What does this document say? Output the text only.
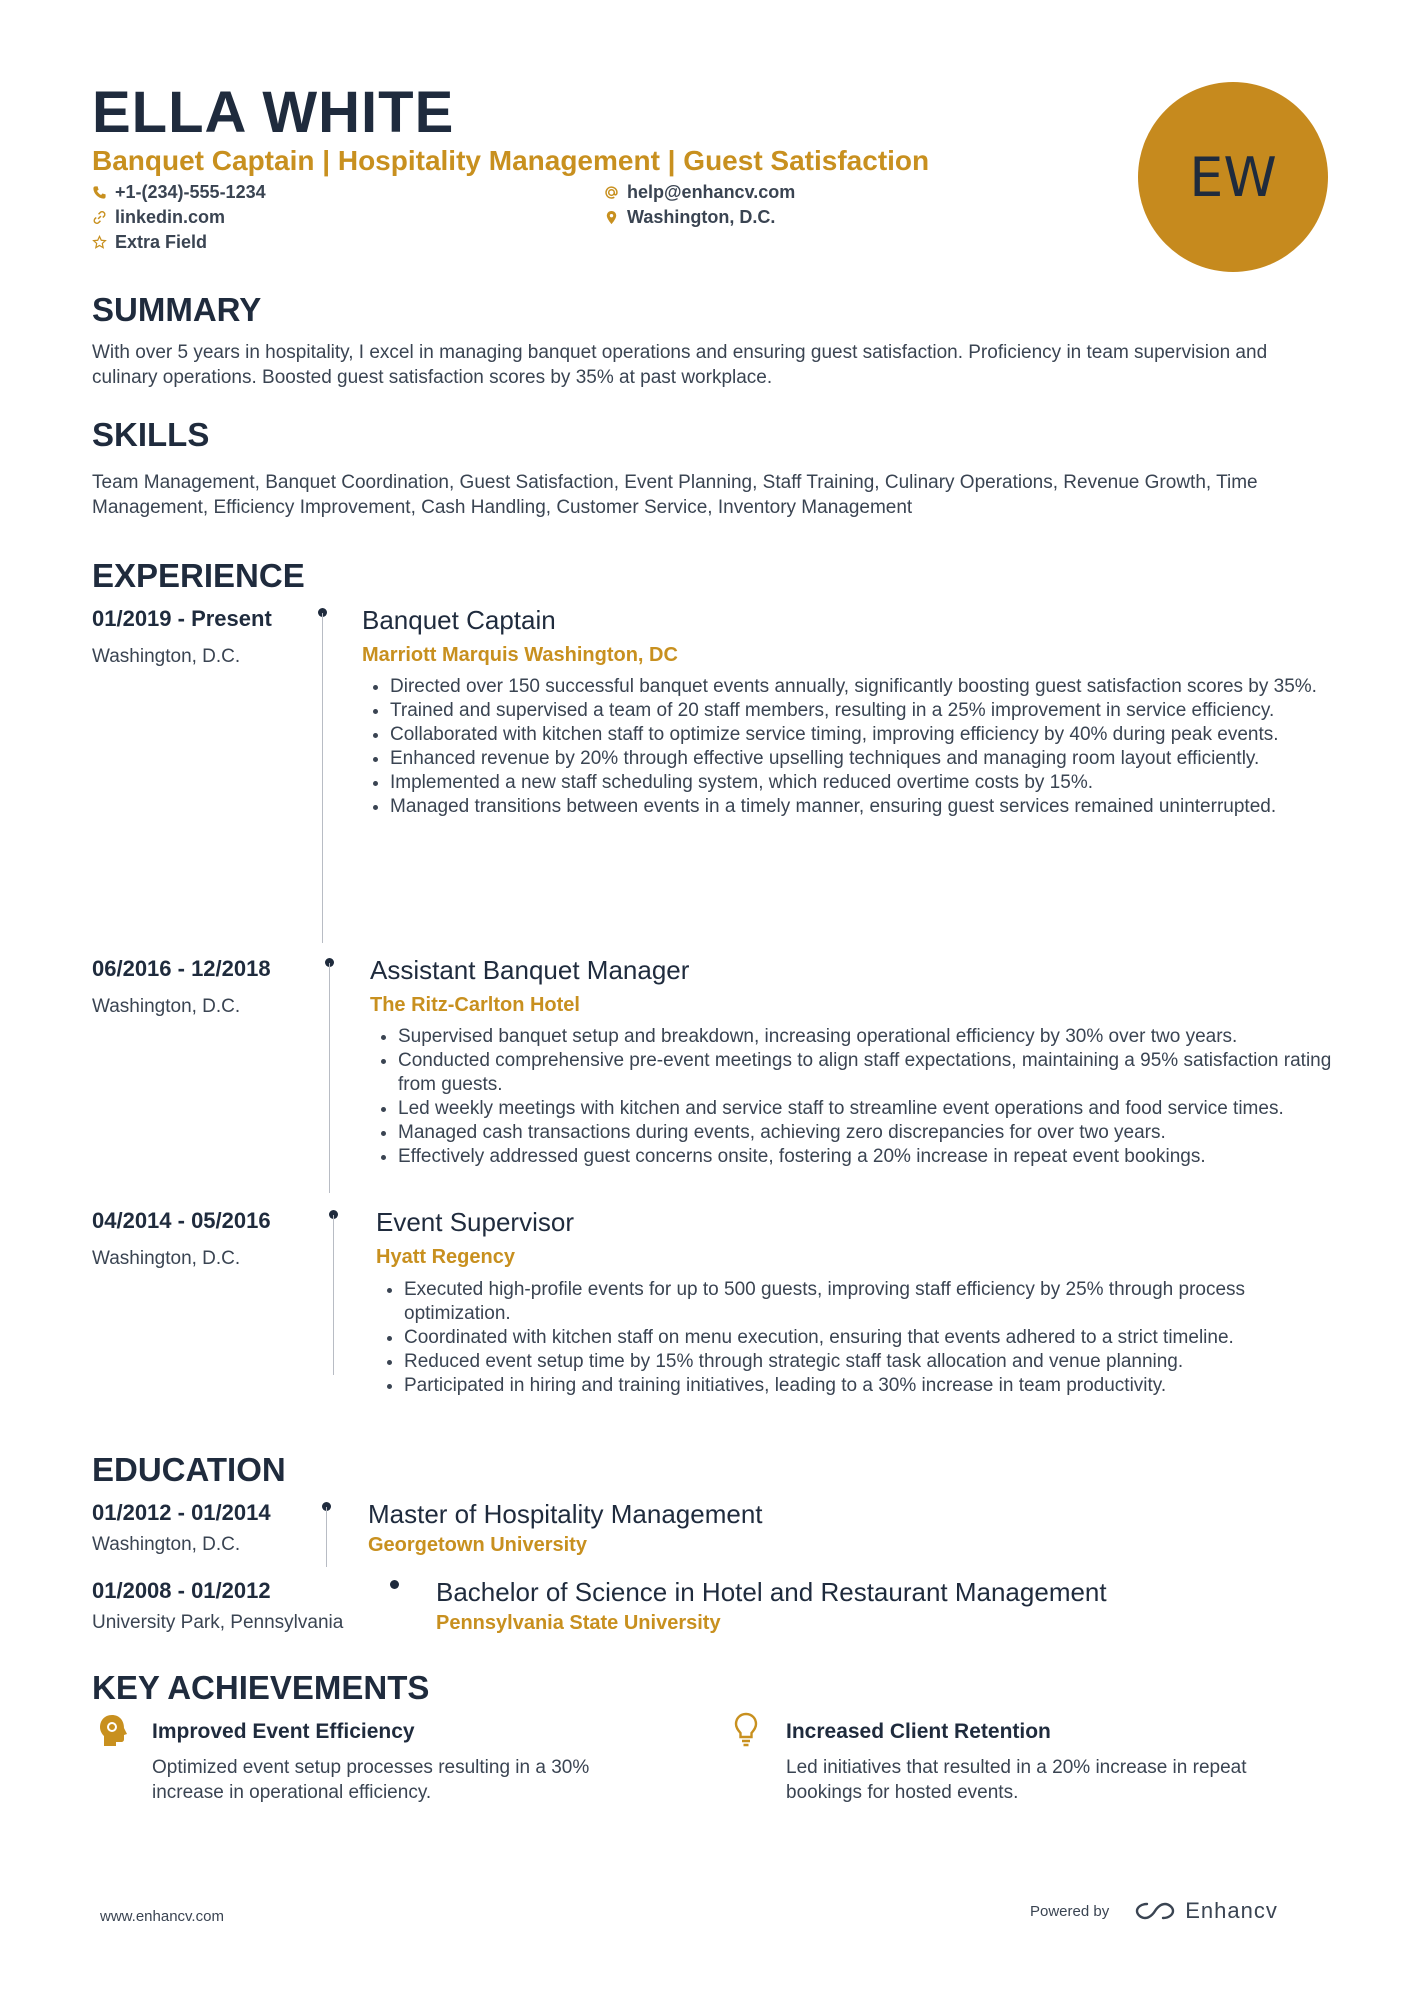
ELLA WHITE
Banquet Captain | Hospitality Management | Guest Satisfaction
+1-(234)-555-1234	help@enhancv.com
linkedin.com	Washington, D.C.
Extra Field
EW
SUMMARY
With over 5 years in hospitality, I excel in managing banquet operations and ensuring guest satisfaction. Proficiency in team supervision and culinary operations. Boosted guest satisfaction scores by 35% at past workplace.
SKILLS
Team Management, Banquet Coordination, Guest Satisfaction, Event Planning, Staff Training, Culinary Operations, Revenue Growth, Time Management, Efficiency Improvement, Cash Handling, Customer Service, Inventory Management
EXPERIENCE
01/2019 - Present
Washington, D.C.
Banquet Captain
Marriott Marquis Washington, DC
• Directed over 150 successful banquet events annually, significantly boosting guest satisfaction scores by 35%.
• Trained and supervised a team of 20 staff members, resulting in a 25% improvement in service efficiency.
• Collaborated with kitchen staff to optimize service timing, improving efficiency by 40% during peak events.
• Enhanced revenue by 20% through effective upselling techniques and managing room layout efficiently.
• Implemented a new staff scheduling system, which reduced overtime costs by 15%.
• Managed transitions between events in a timely manner, ensuring guest services remained uninterrupted.
06/2016 - 12/2018
Washington, D.C.
Assistant Banquet Manager
The Ritz-Carlton Hotel
• Supervised banquet setup and breakdown, increasing operational efficiency by 30% over two years.
• Conducted comprehensive pre-event meetings to align staff expectations, maintaining a 95% satisfaction rating from guests.
• Led weekly meetings with kitchen and service staff to streamline event operations and food service times.
• Managed cash transactions during events, achieving zero discrepancies for over two years.
• Effectively addressed guest concerns onsite, fostering a 20% increase in repeat event bookings.
04/2014 - 05/2016
Washington, D.C.
Event Supervisor
Hyatt Regency
• Executed high-profile events for up to 500 guests, improving staff efficiency by 25% through process optimization.
• Coordinated with kitchen staff on menu execution, ensuring that events adhered to a strict timeline.
• Reduced event setup time by 15% through strategic staff task allocation and venue planning.
• Participated in hiring and training initiatives, leading to a 30% increase in team productivity.
EDUCATION
01/2012 - 01/2014
Washington, D.C.
Master of Hospitality Management
Georgetown University
01/2008 - 01/2012
University Park, Pennsylvania
Bachelor of Science in Hotel and Restaurant Management
Pennsylvania State University
KEY ACHIEVEMENTS
Improved Event Efficiency
Optimized event setup processes resulting in a 30% increase in operational efficiency.
Increased Client Retention
Led initiatives that resulted in a 20% increase in repeat bookings for hosted events.
www.enhancv.com	Powered by	Enhancv
